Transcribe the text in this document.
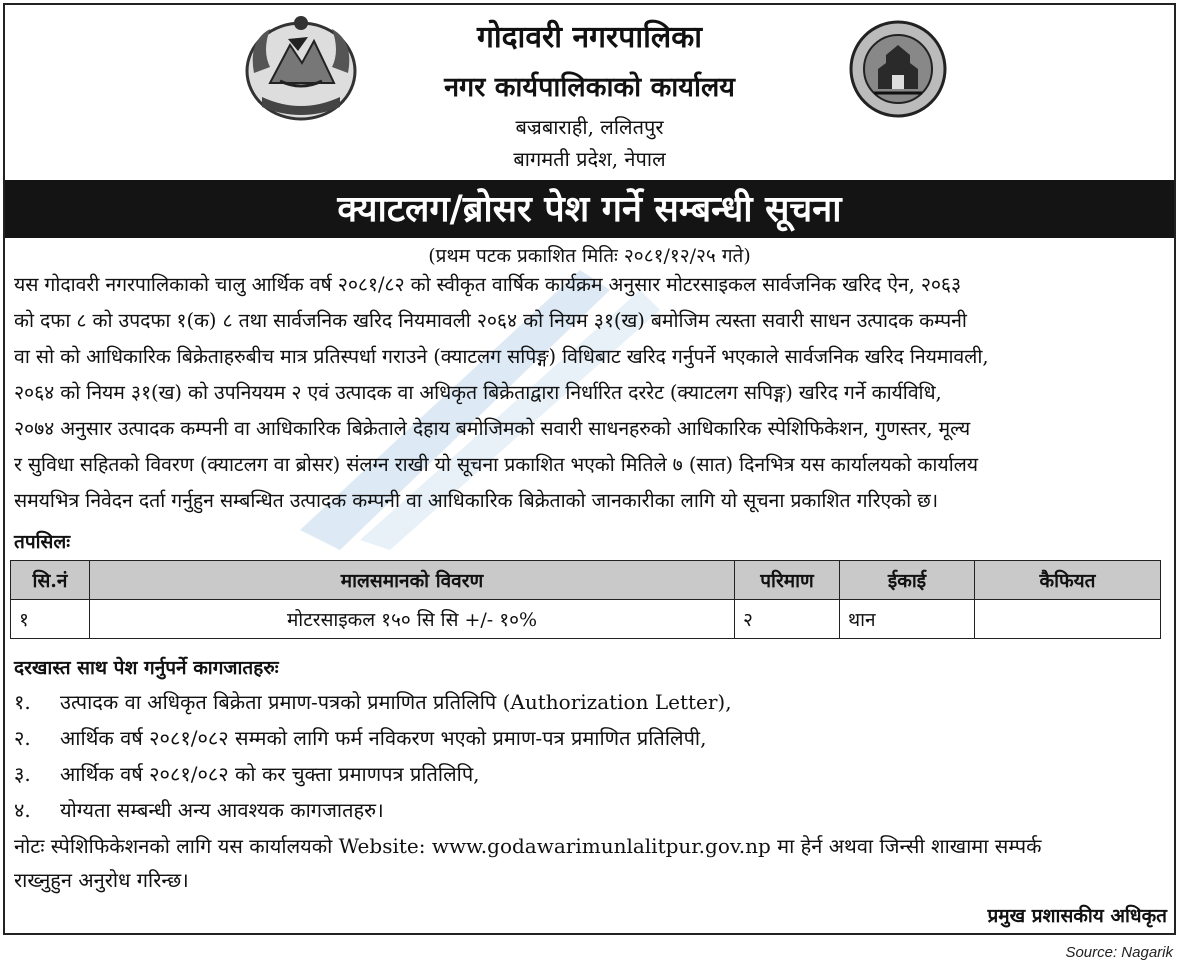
गोदावरी नगरपालिका
नगर कार्यपालिकाको कार्यालय
बज्रबाराही, ललितपुर
बागमती प्रदेश, नेपाल
क्याटलग/ब्रोसर पेश गर्ने सम्बन्धी सूचना
(प्रथम पटक प्रकाशित मितिः २०८१/१२/२५ गते)
यस गोदावरी नगरपालिकाको चालु आर्थिक वर्ष २०८१/८२ को स्वीकृत वार्षिक कार्यक्रम अनुसार मोटरसाइकल सार्वजनिक खरिद ऐन, २०६३
को दफा ८ को उपदफा १(क) ८ तथा सार्वजनिक खरिद नियमावली २०६४ को नियम ३१(ख) बमोजिम त्यस्ता सवारी साधन उत्पादक कम्पनी
वा सो को आधिकारिक बिक्रेताहरुबीच मात्र प्रतिस्पर्धा गराउने (क्याटलग सपिङ्ग) विधिबाट खरिद गर्नुपर्ने भएकाले सार्वजनिक खरिद नियमावली,
२०६४ को नियम ३१(ख) को उपनिययम २ एवं उत्पादक वा अधिकृत बिक्रेताद्वारा निर्धारित दररेट (क्याटलग सपिङ्ग) खरिद गर्ने कार्यविधि,
२०७४ अनुसार उत्पादक कम्पनी वा आधिकारिक बिक्रेताले देहाय बमोजिमको सवारी साधनहरुको आधिकारिक स्पेशिफिकेशन, गुणस्तर, मूल्य
र सुविधा सहितको विवरण (क्याटलग वा ब्रोसर) संलग्न राखी यो सूचना प्रकाशित भएको मितिले ७ (सात) दिनभित्र यस कार्यालयको कार्यालय
समयभित्र निवेदन दर्ता गर्नुहुन सम्बन्धित उत्पादक कम्पनी वा आधिकारिक बिक्रेताको जानकारीका लागि यो सूचना प्रकाशित गरिएको छ।
तपसिलः
सि.नं	मालसमानको विवरण	परिमाण	ईकाई	कैफियत
१	मोटरसाइकल १५० सि सि +/- १०%	२	थान	
दरखास्त साथ पेश गर्नुपर्ने कागजातहरुः
१. उत्पादक वा अधिकृत बिक्रेता प्रमाण-पत्रको प्रमाणित प्रतिलिपि (Authorization Letter),
२. आर्थिक वर्ष २०८१/०८२ सम्मको लागि फर्म नविकरण भएको प्रमाण-पत्र प्रमाणित प्रतिलिपी,
३. आर्थिक वर्ष २०८१/०८२ को कर चुक्ता प्रमाणपत्र प्रतिलिपि,
४. योग्यता सम्बन्धी अन्य आवश्यक कागजातहरु।
नोटः स्पेशिफिकेशनको लागि यस कार्यालयको Website: www.godawarimunlalitpur.gov.np मा हेर्न अथवा जिन्सी शाखामा सम्पर्क
राख्नुहुन अनुरोध गरिन्छ।
प्रमुख प्रशासकीय अधिकृत
Source: Nagarik
